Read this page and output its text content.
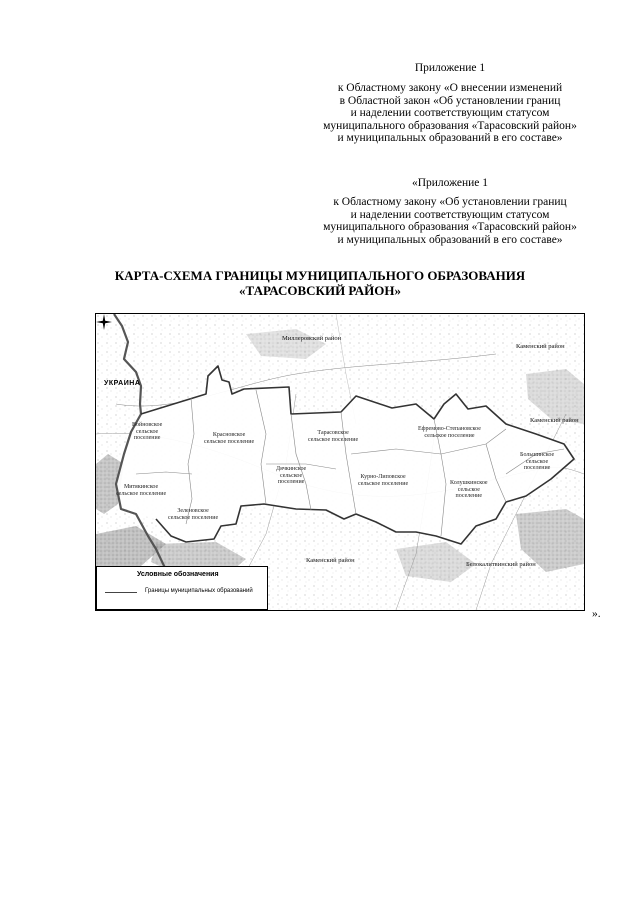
Приложение 1
к Областному закону «О внесении изменений
в Областной закон «Об установлении границ
и наделении соответствующим статусом
муниципального образования «Тарасовский район»
и муниципальных образований в его составе»
«Приложение 1
к Областному закону «Об установлении границ
и наделении соответствующим статусом
муниципального образования «Тарасовский район»
и муниципальных образований в его составе»
КАРТА-СХЕМА ГРАНИЦЫ МУНИЦИПАЛЬНОГО ОБРАЗОВАНИЯ
«ТАРАСОВСКИЙ РАЙОН»
УКРАИНА
Миллеровский район
Каменский район
Каменский район
Каменский район
Белокалитвинский район
Войновское
сельское
поселение	Красновское
сельское поселение
Тарасовское
сельское поселение
Ефремово-Степановское
сельское поселение
Большинское
сельское
поселение
Дячкинское
сельское
поселение
Курно-Липовское
сельское поселение	Колушкинское
сельское
поселение
Митякинское
сельское поселение
Зеленовское
сельское поселение
Условные обозначения
Границы муниципальных образований
».
